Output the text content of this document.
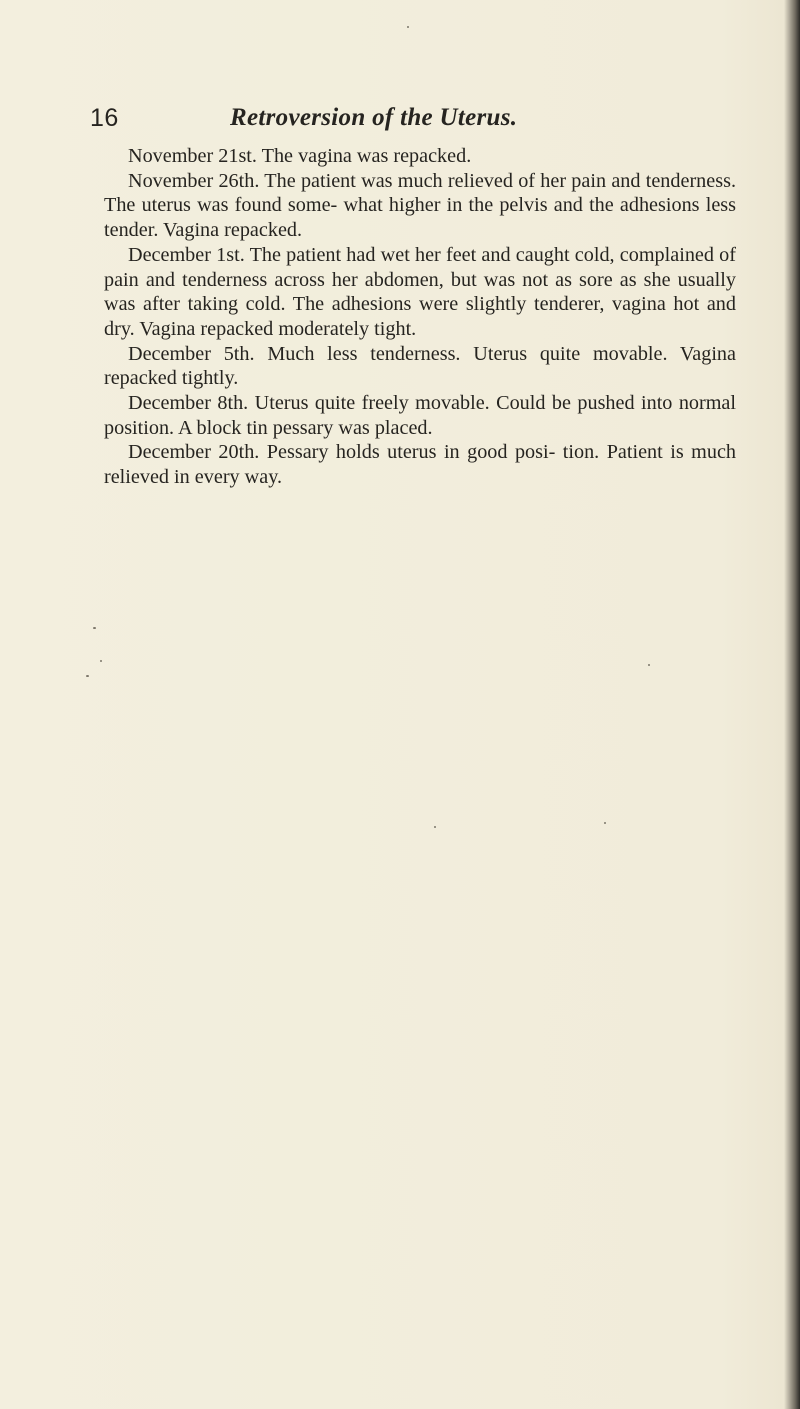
16	Retroversion of the Uterus.

November 21st. The vagina was repacked.

November 26th. The patient was much relieved of her pain and tenderness. The uterus was found some- what higher in the pelvis and the adhesions less tender. Vagina repacked.

December 1st. The patient had wet her feet and caught cold, complained of pain and tenderness across her abdomen, but was not as sore as she usually was after taking cold. The adhesions were slightly tenderer, vagina hot and dry. Vagina repacked moderately tight.

December 5th. Much less tenderness. Uterus quite movable. Vagina repacked tightly.

December 8th. Uterus quite freely movable. Could be pushed into normal position. A block tin pessary was placed.

December 20th. Pessary holds uterus in good posi- tion. Patient is much relieved in every way.
